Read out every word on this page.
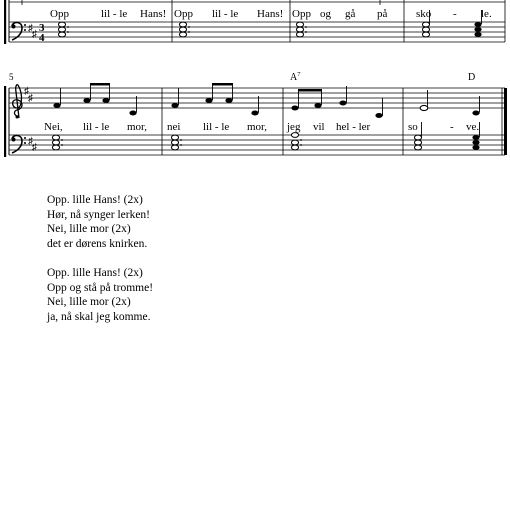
♯
♯
3
4
Opp	lil - le Hans! Opp lil - le Hans! Opp og gå på	sko - le.
5	$A^7$	D
♯
♯
♯
♯
Nei, lil - le mor, nei lil - le mor, jeg vil hel - ler	so	- ve.
Opp. lille Hans! (2x)
Hør, nå synger lerken!
Nei, lille mor (2x)
det er dørens knirken.
Opp. lille Hans! (2x)
Opp og stå på tromme!
Nei, lille mor (2x)
ja, nå skal jeg komme.
